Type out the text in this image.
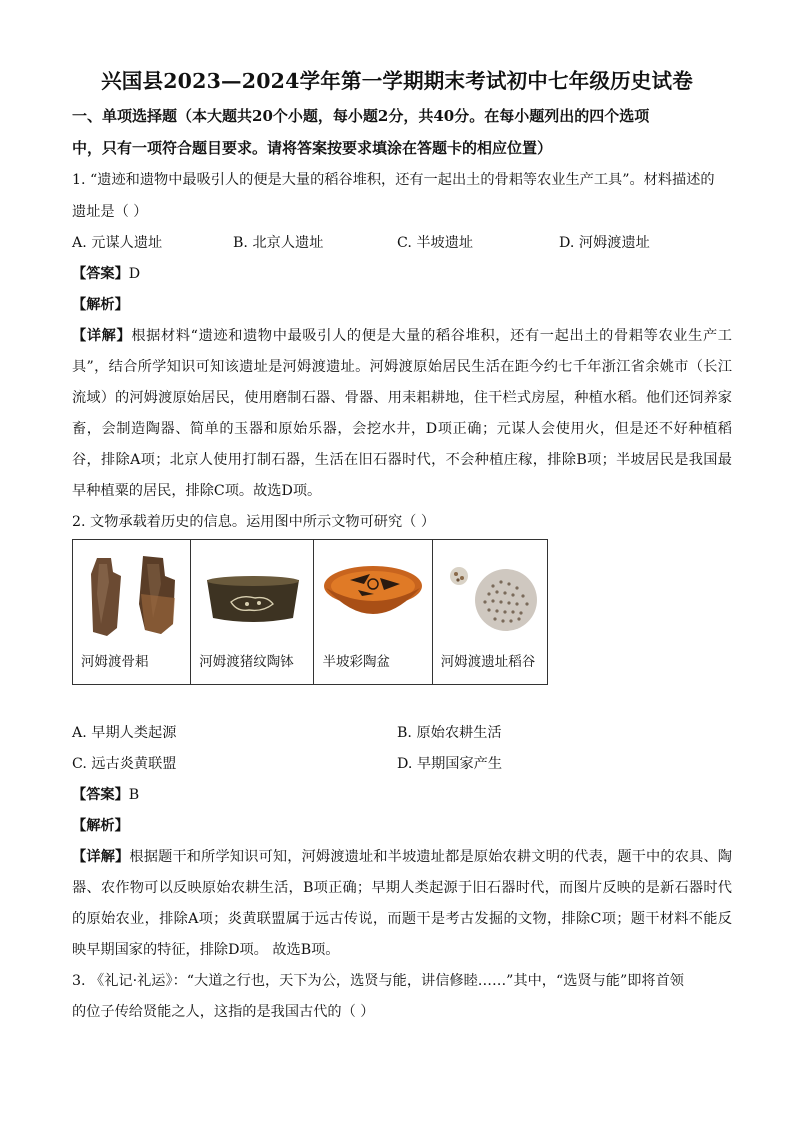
兴国县2023—2024学年第一学期期末考试初中七年级历史试卷
一、单项选择题（本大题共20个小题，每小题2分，共40分。在每小题列出的四个选项
中，只有一项符合题目要求。请将答案按要求填涂在答题卡的相应位置）
1. “遗迹和遗物中最吸引人的便是大量的稻谷堆积，还有一起出土的骨耜等农业生产工具”。材料描述的
遗址是（ ）
A. 元谋人遗址	B. 北京人遗址	C. 半坡遗址	D. 河姆渡遗址
【答案】D
【解析】
【详解】根据材料“遗迹和遗物中最吸引人的便是大量的稻谷堆积，还有一起出土的骨耜等农业生产工
具”，结合所学知识可知该遗址是河姆渡遗址。河姆渡原始居民生活在距今约七千年浙江省余姚市（长江
流域）的河姆渡原始居民，使用磨制石器、骨器、用耒耜耕地，住干栏式房屋，种植水稻。他们还饲养家
畜，会制造陶器、简单的玉器和原始乐器，会挖水井，D项正确；元谋人会使用火，但是还不好种植稻
谷，排除A项；北京人使用打制石器，生活在旧石器时代，不会种植庄稼，排除B项；半坡居民是我国最
早种植粟的居民，排除C项。故选D项。
2. 文物承载着历史的信息。运用图中所示文物可研究（ ）
河姆渡骨耜	河姆渡猪纹陶钵	半坡彩陶盆	河姆渡遗址稻谷
A. 早期人类起源	B. 原始农耕生活
C. 远古炎黄联盟	D. 早期国家产生
【答案】B
【解析】
【详解】根据题干和所学知识可知，河姆渡遗址和半坡遗址都是原始农耕文明的代表，题干中的农具、陶
器、农作物可以反映原始农耕生活，B项正确；早期人类起源于旧石器时代，而图片反映的是新石器时代
的原始农业，排除A项；炎黄联盟属于远古传说，而题干是考古发掘的文物，排除C项；题干材料不能反
映早期国家的特征，排除D项。 故选B项。
3. 《礼记·礼运》：“大道之行也，天下为公，选贤与能，讲信修睦……”其中，“选贤与能”即将首领
的位子传给贤能之人，这指的是我国古代的（ ）
